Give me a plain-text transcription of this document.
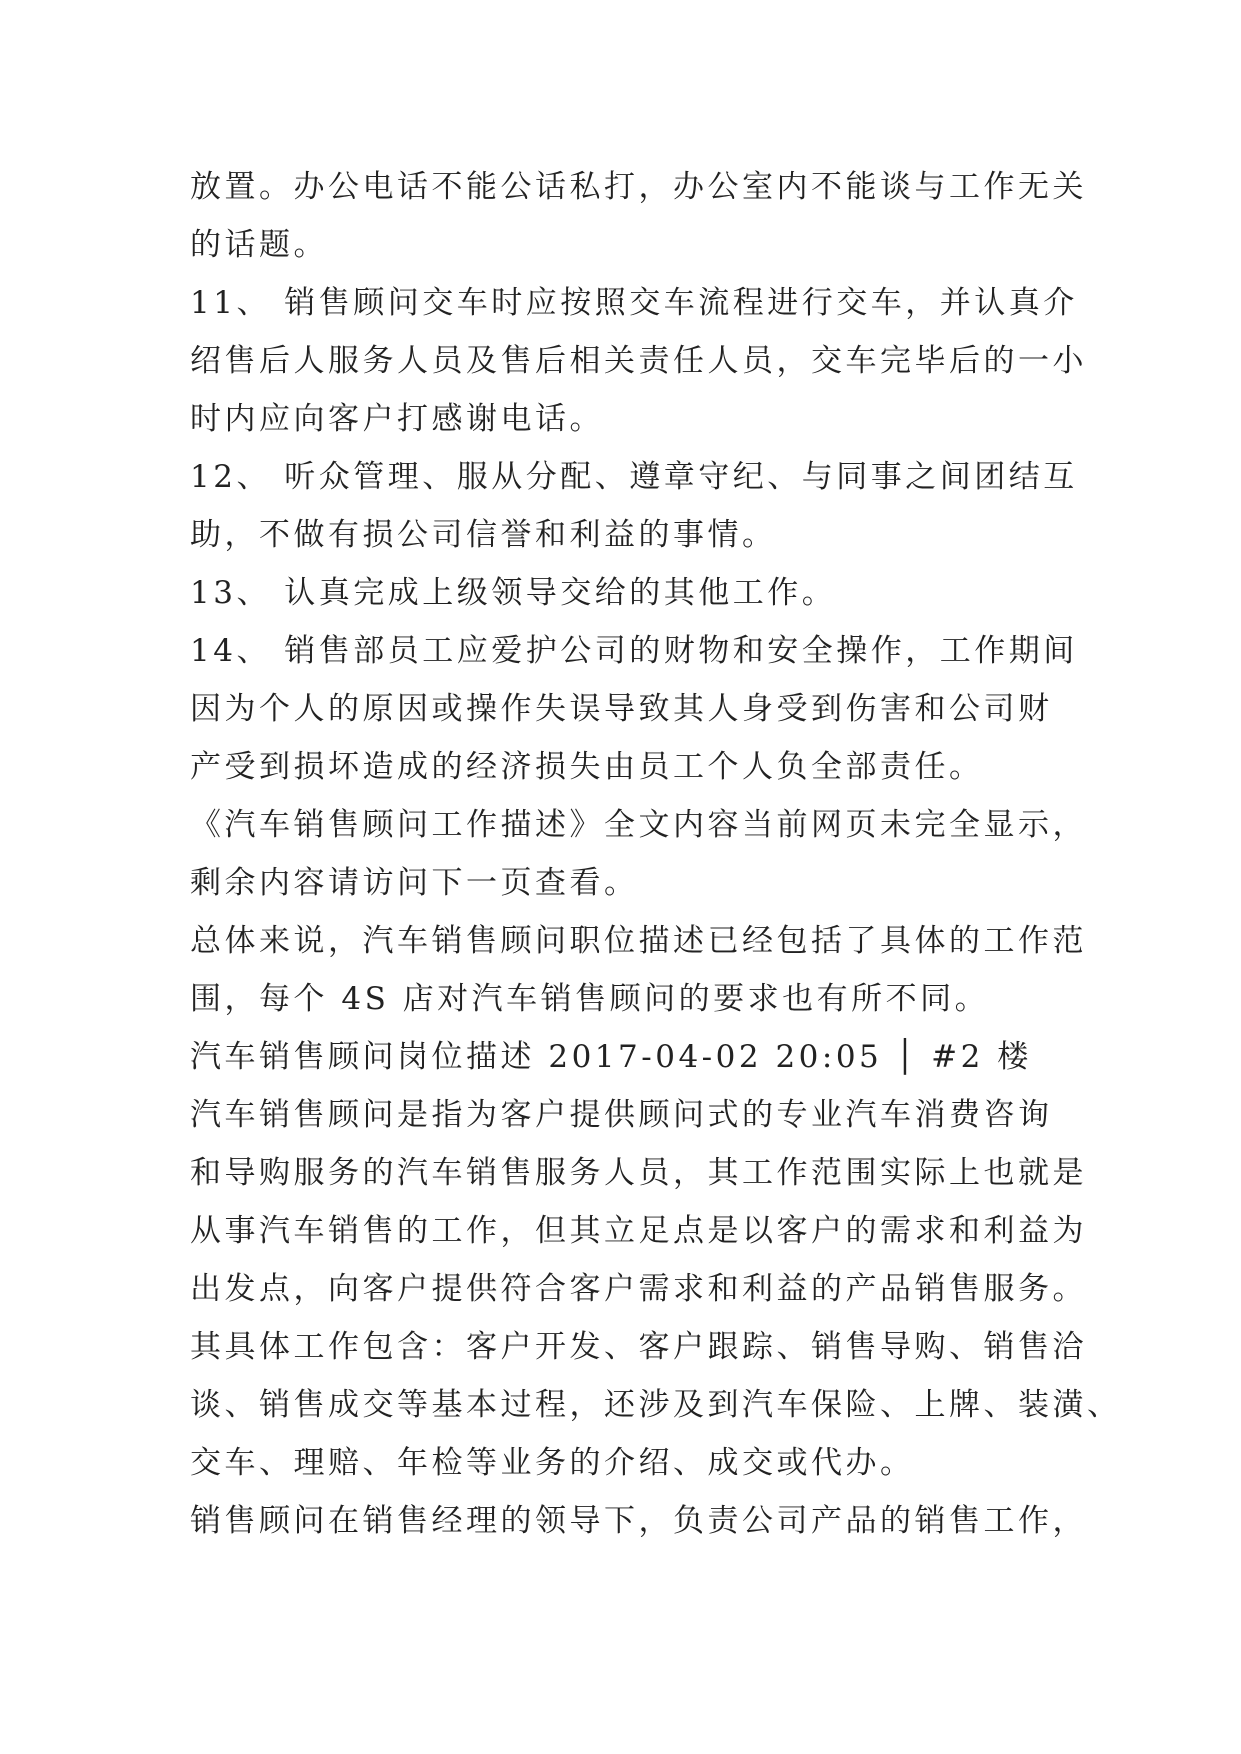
放置。办公电话不能公话私打，办公室内不能谈与工作无关
的话题。
11、 销售顾问交车时应按照交车流程进行交车，并认真介
绍售后人服务人员及售后相关责任人员，交车完毕后的一小
时内应向客户打感谢电话。
12、 听众管理、服从分配、遵章守纪、与同事之间团结互
助，不做有损公司信誉和利益的事情。
13、 认真完成上级领导交给的其他工作。
14、 销售部员工应爱护公司的财物和安全操作，工作期间
因为个人的原因或操作失误导致其人身受到伤害和公司财
产受到损坏造成的经济损失由员工个人负全部责任。
《汽车销售顾问工作描述》全文内容当前网页未完全显示，
剩余内容请访问下一页查看。
总体来说，汽车销售顾问职位描述已经包括了具体的工作范
围，每个 4S 店对汽车销售顾问的要求也有所不同。
汽车销售顾问岗位描述 2017-04-02 20:05 │ #2 楼
汽车销售顾问是指为客户提供顾问式的专业汽车消费咨询
和导购服务的汽车销售服务人员，其工作范围实际上也就是
从事汽车销售的工作，但其立足点是以客户的需求和利益为
出发点，向客户提供符合客户需求和利益的产品销售服务。
其具体工作包含：客户开发、客户跟踪、销售导购、销售洽
谈、销售成交等基本过程，还涉及到汽车保险、上牌、装潢、
交车、理赔、年检等业务的介绍、成交或代办。
销售顾问在销售经理的领导下，负责公司产品的销售工作，
